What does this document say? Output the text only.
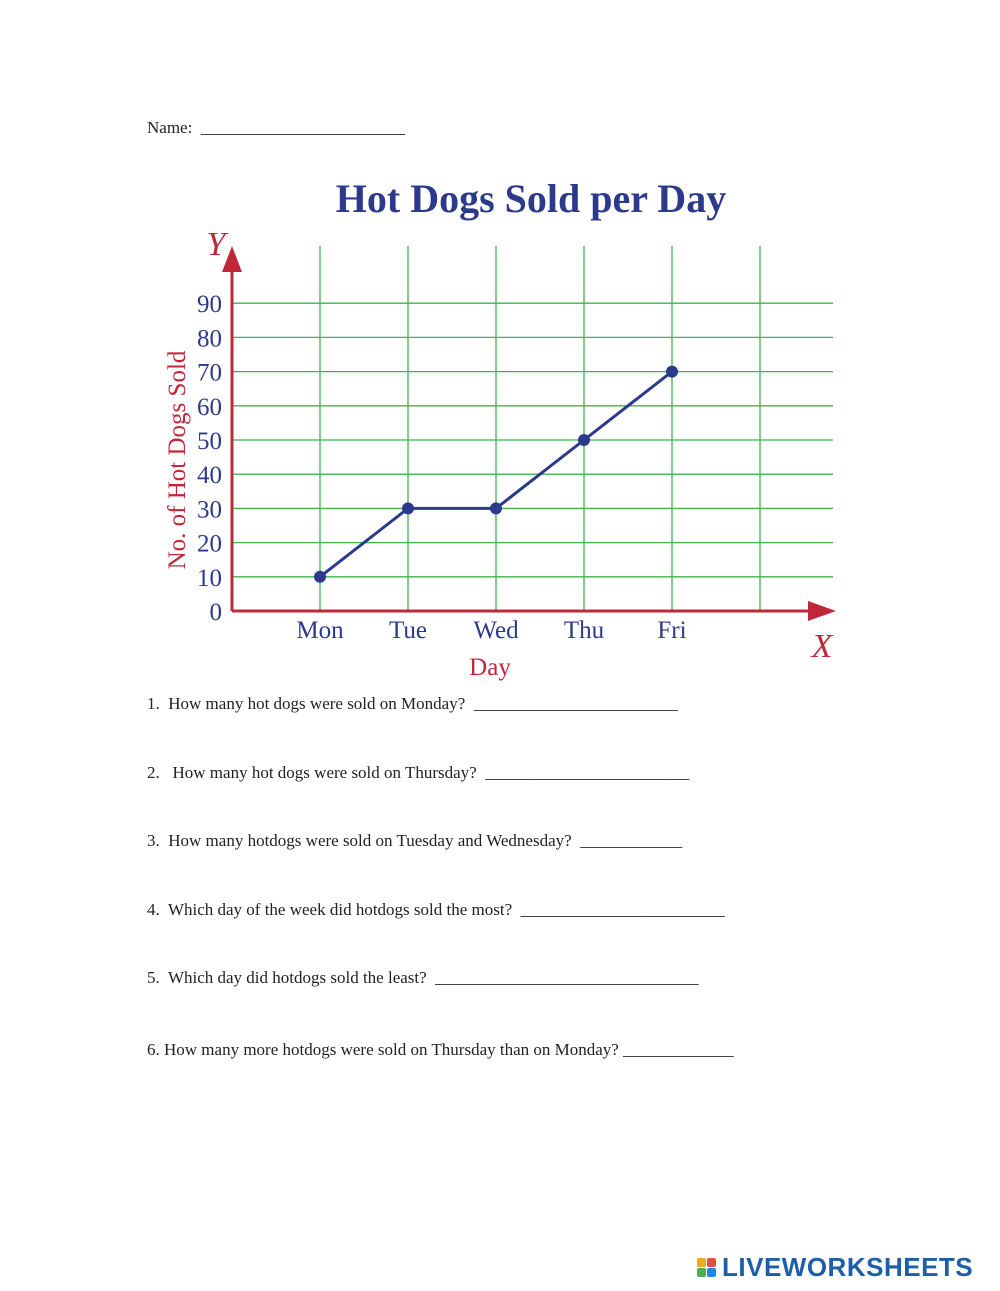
Name: ________________________
Hot Dogs Sold per Day
0
10
20
30
40
50
60
70
80
90
Mon Tue Wed Thu Fri
Y
X
Day
No. of Hot Dogs Sold
1.  How many hot dogs were sold on Monday?  ________________________
2.   How many hot dogs were sold on Thursday?  ________________________
3.  How many hotdogs were sold on Tuesday and Wednesday?  ____________
4.  Which day of the week did hotdogs sold the most?  ________________________
5.  Which day did hotdogs sold the least?  _______________________________
6. How many more hotdogs were sold on Thursday than on Monday? _____________
LIVEWORKSHEETS
